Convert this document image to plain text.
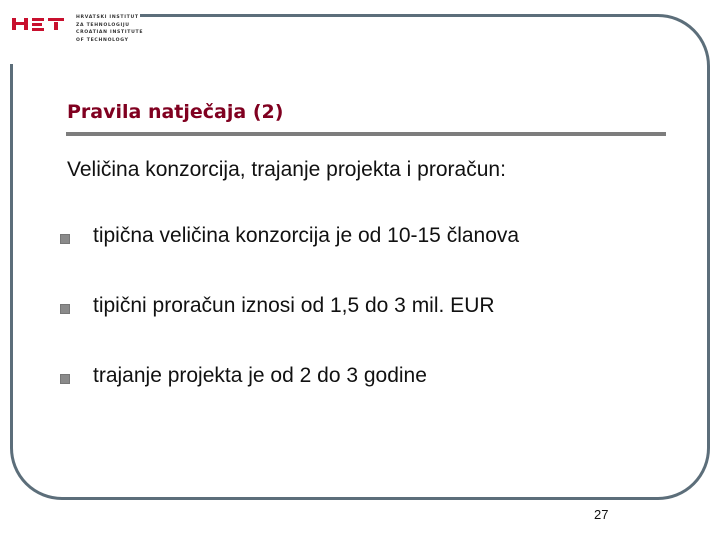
HRVATSKI INSTITUT
ZA TEHNOLOGIJU
CROATIAN INSTITUTE
OF TECHNOLOGY
Pravila natječaja (2)
Veličina konzorcija, trajanje projekta i proračun:
tipična veličina konzorcija je od 10-15 članova
tipični proračun iznosi od 1,5 do 3 mil. EUR
trajanje projekta je od 2 do 3 godine
27
